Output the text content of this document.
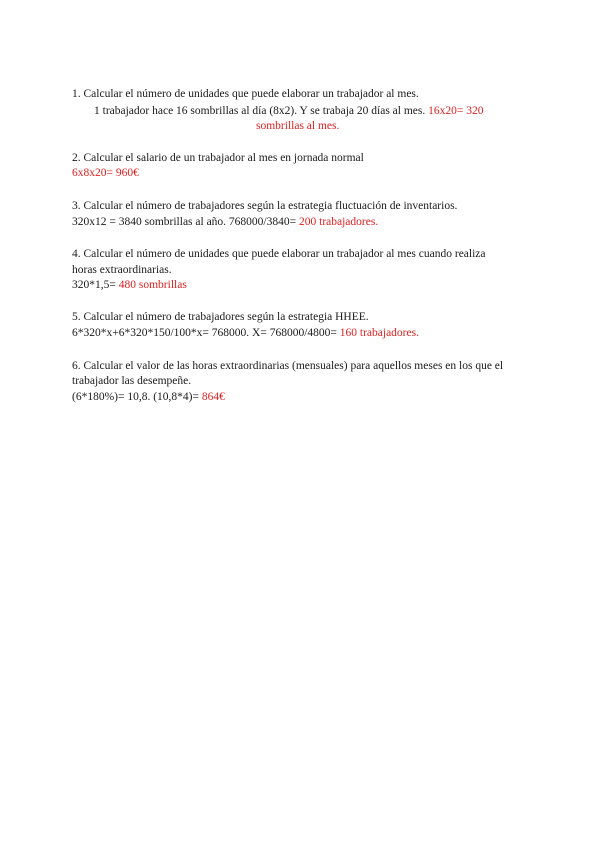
1. Calcular el número de unidades que puede elaborar un trabajador al mes.
1 trabajador hace 16 sombrillas al día (8x2). Y se trabaja 20 días al mes. 16x20= 320
sombrillas al mes.
2. Calcular el salario de un trabajador al mes en jornada normal
6x8x20= 960€
3. Calcular el número de trabajadores según la estrategia fluctuación de inventarios.
320x12 = 3840 sombrillas al año. 768000/3840= 200 trabajadores.
4. Calcular el número de unidades que puede elaborar un trabajador al mes cuando realiza
horas extraordinarias.
320*1,5= 480 sombrillas
5. Calcular el número de trabajadores según la estrategia HHEE.
6*320*x+6*320*150/100*x= 768000. X= 768000/4800= 160 trabajadores.
6. Calcular el valor de las horas extraordinarias (mensuales) para aquellos meses en los que el
trabajador las desempeñe.
(6*180%)= 10,8. (10,8*4)= 864€
